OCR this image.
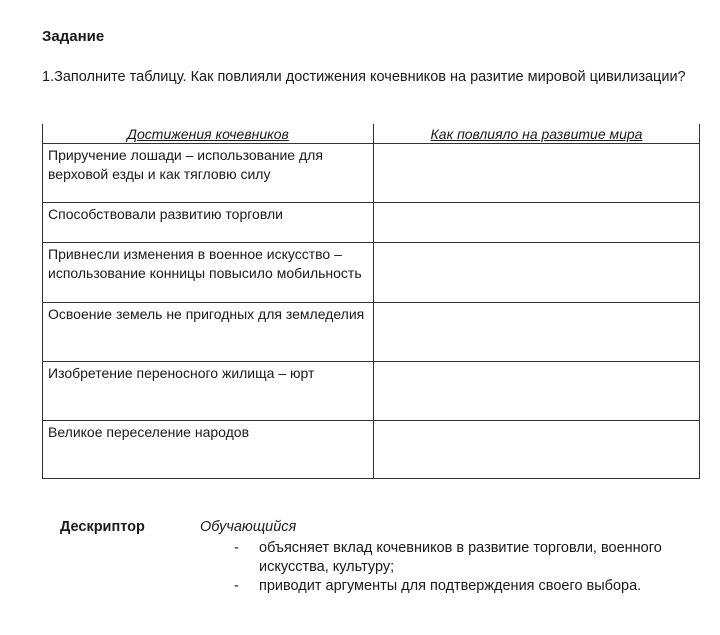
Задание
1.Заполните таблицу. Как повлияли достижения кочевников на разитие мировой цивилизации?
Достижения кочевников	Как повлияло на развитие мира
Приручение лошади – использование для верховой езды и как тягловю силу	
Способствовали развитию торговли	
Привнесли изменения в военное искусство – использование конницы повысило мобильность	
Освоение земель не пригодных для земледелия	
Изобретение переносного жилища – юрт	
Великое переселение народов	
Дескриптор	Обучающийся
- объясняет вклад кочевников в развитие торговли, военного искусства, культуру;
- приводит аргументы для подтверждения своего выбора.
